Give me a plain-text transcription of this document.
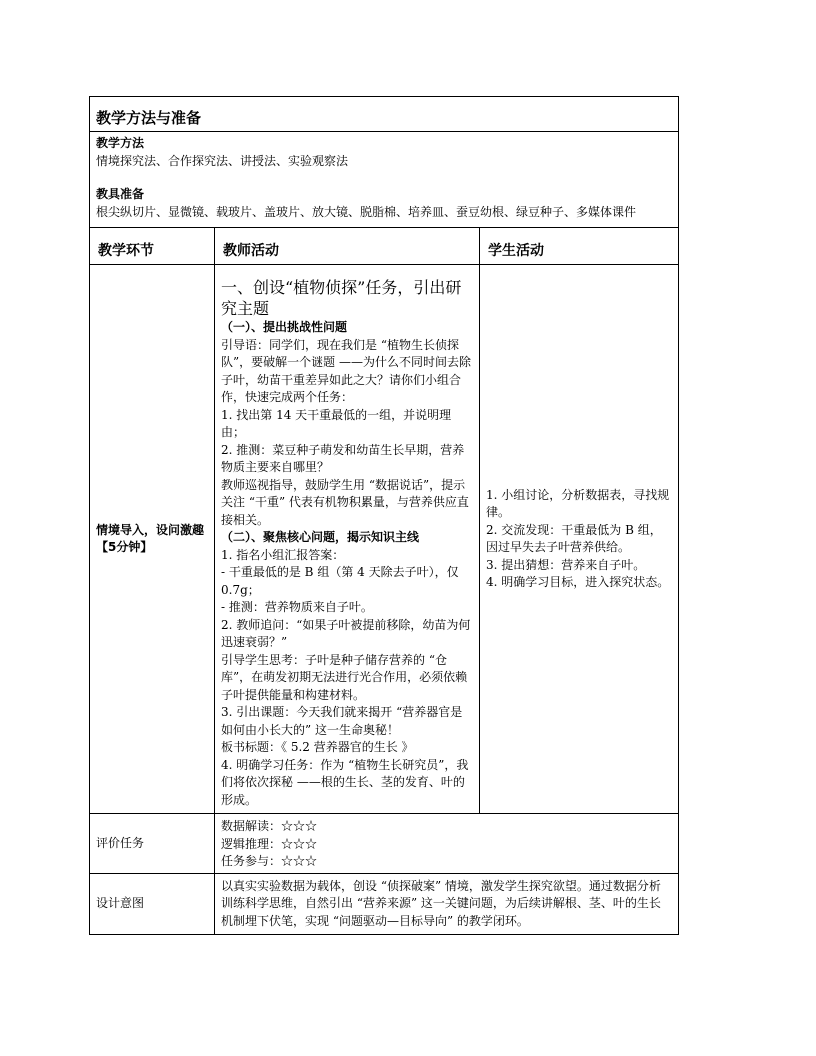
教学方法与准备

教学方法

情境探究法、合作探究法、讲授法、实验观察法

教具准备

根尖纵切片、显微镜、载玻片、盖玻片、放大镜、脱脂棉、培养皿、蚕豆幼根、绿豆种子、多媒体课件

教学环节	教师活动	学生活动
情境导入，设问激趣【5分钟】

一、创设“植物侦探”任务，引出研究主题

（一）、提出挑战性问题

引导语：同学们，现在我们是 “植物生长侦探队”，要破解一个谜题 ——为什么不同时间去除子叶，幼苗干重差异如此之大？请你们小组合作，快速完成两个任务：

1. 找出第 14 天干重最低的一组，并说明理由；

2. 推测：菜豆种子萌发和幼苗生长早期，营养物质主要来自哪里？

教师巡视指导，鼓励学生用 “数据说话”，提示关注 “干重” 代表有机物积累量，与营养供应直接相关。

（二）、聚焦核心问题，揭示知识主线

1. 指名小组汇报答案：

- 干重最低的是 B 组（第 4 天除去子叶），仅 0.7g；

- 推测：营养物质来自子叶。

2. 教师追问：“如果子叶被提前移除，幼苗为何迅速衰弱？”

引导学生思考：子叶是种子储存营养的 “仓库”，在萌发初期无法进行光合作用，必须依赖子叶提供能量和构建材料。

3. 引出课题：今天我们就来揭开 “营养器官是如何由小长大的” 这一生命奥秘！

板书标题：《 5.2 营养器官的生长 》

4. 明确学习任务：作为 “植物生长研究员”，我们将依次探秘 ——根的生长、茎的发育、叶的形成。

1. 小组讨论，分析数据表，寻找规律。

2. 交流发现：干重最低为 B 组，因过早失去子叶营养供给。

3. 提出猜想：营养来自子叶。

4. 明确学习目标，进入探究状态。

评价任务

数据解读：☆☆☆

逻辑推理：☆☆☆

任务参与：☆☆☆

设计意图
以真实实验数据为载体，创设 “侦探破案” 情境，激发学生探究欲望。通过数据分析训练科学思维，自然引出 “营养来源” 这一关键问题，为后续讲解根、茎、叶的生长机制埋下伏笔，实现 “问题驱动—目标导向” 的教学闭环。
